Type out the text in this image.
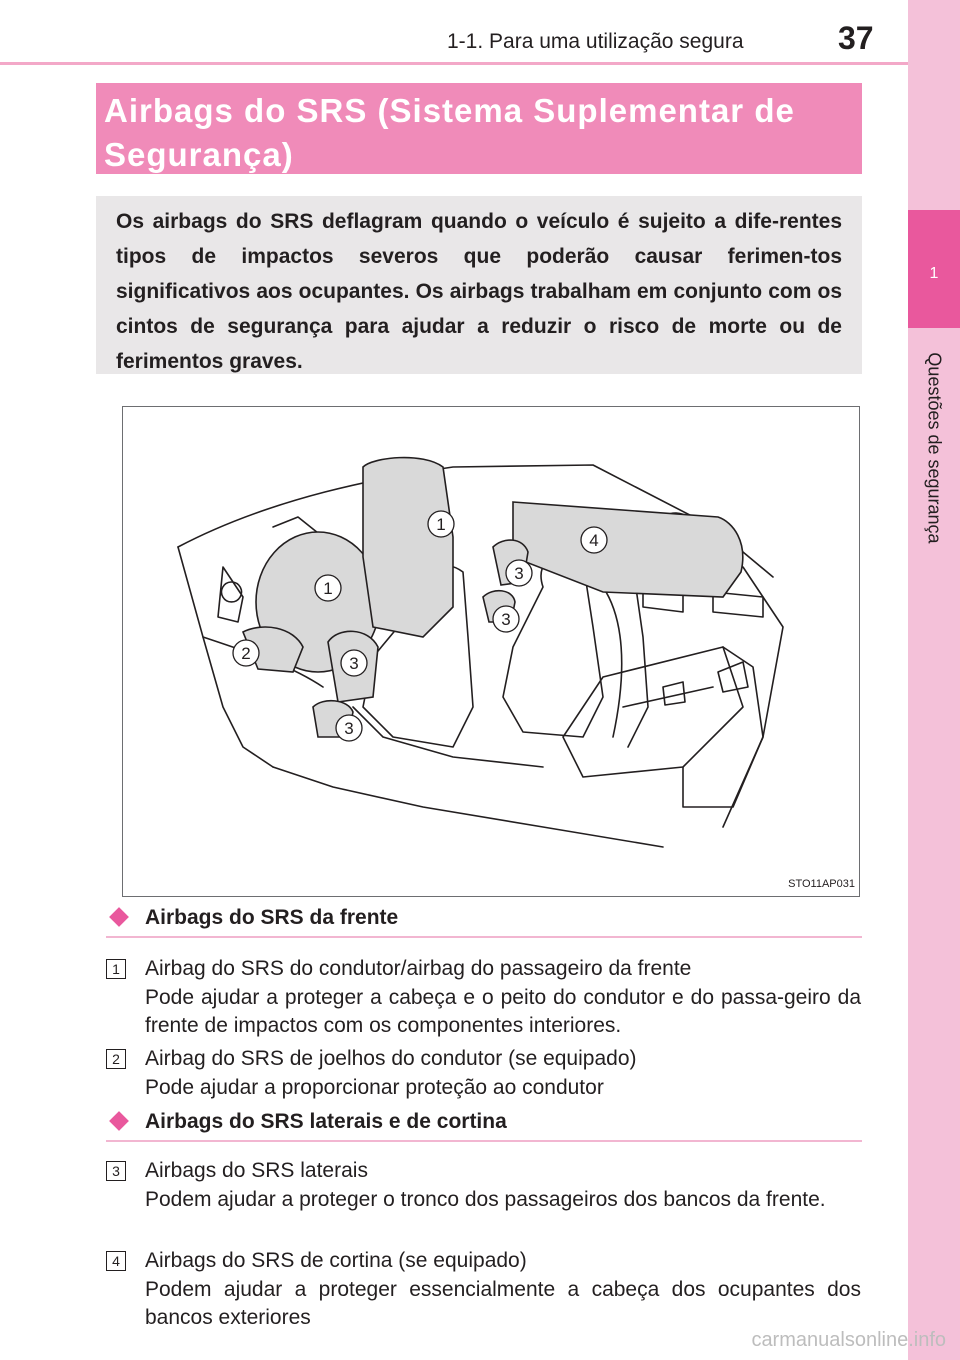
1-1. Para uma utilização segura	37
1
Questões de segurança
Airbags do SRS (Sistema Suplementar de
Segurança)
Os airbags do SRS deflagram quando o veículo é sujeito a dife-rentes tipos de impactos severos que poderão causar ferimen-tos significativos aos ocupantes. Os airbags trabalham em conjunto com os cintos de segurança para ajudar a reduzir o risco de morte ou de ferimentos graves.
1
1
2
3
3
3
3
4
STO11AP031
Airbags do SRS da frente
1 Airbag do SRS do condutor/airbag do passageiro da frente
Pode ajudar a proteger a cabeça e o peito do condutor e do passa-geiro da frente de impactos com os componentes interiores.
2 Airbag do SRS de joelhos do condutor (se equipado)
Pode ajudar a proporcionar proteção ao condutor
Airbags do SRS laterais e de cortina
3 Airbags do SRS laterais
Podem ajudar a proteger o tronco dos passageiros dos bancos da frente.
4 Airbags do SRS de cortina (se equipado)
Podem ajudar a proteger essencialmente a cabeça dos ocupantes dos bancos exteriores
carmanualsonline.info
